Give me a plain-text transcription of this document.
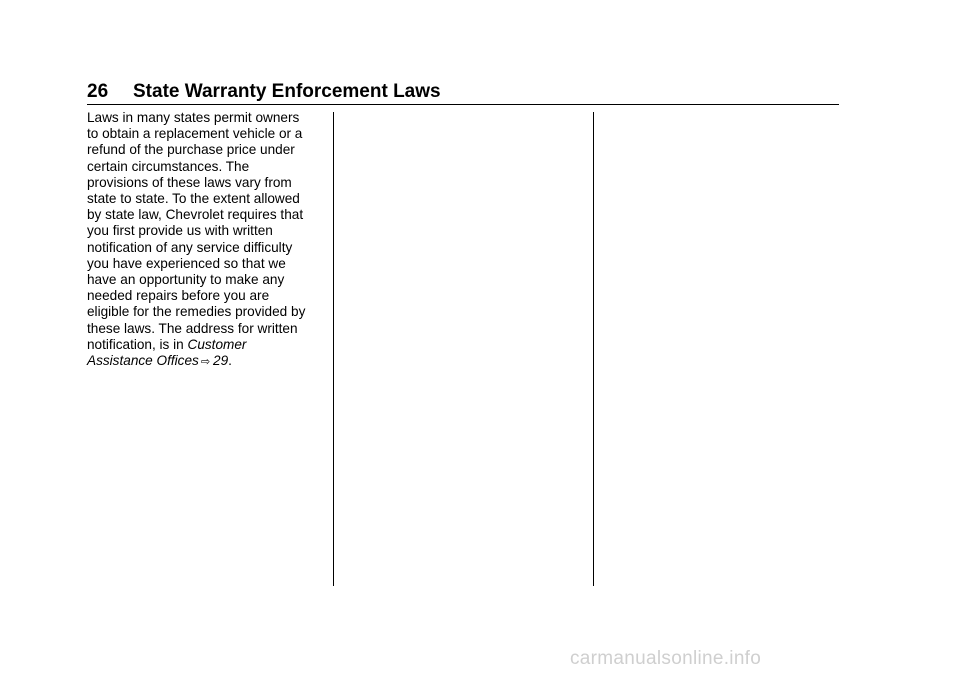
26 State Warranty Enforcement Laws
Laws in many states permit owners
to obtain a replacement vehicle or a
refund of the purchase price under
certain circumstances. The
provisions of these laws vary from
state to state. To the extent allowed
by state law, Chevrolet requires that
you first provide us with written
notification of any service difficulty
you have experienced so that we
have an opportunity to make any
needed repairs before you are
eligible for the remedies provided by
these laws. The address for written
notification, is in Customer
Assistance Offices ⇨ 29.
carmanualsonline.info
